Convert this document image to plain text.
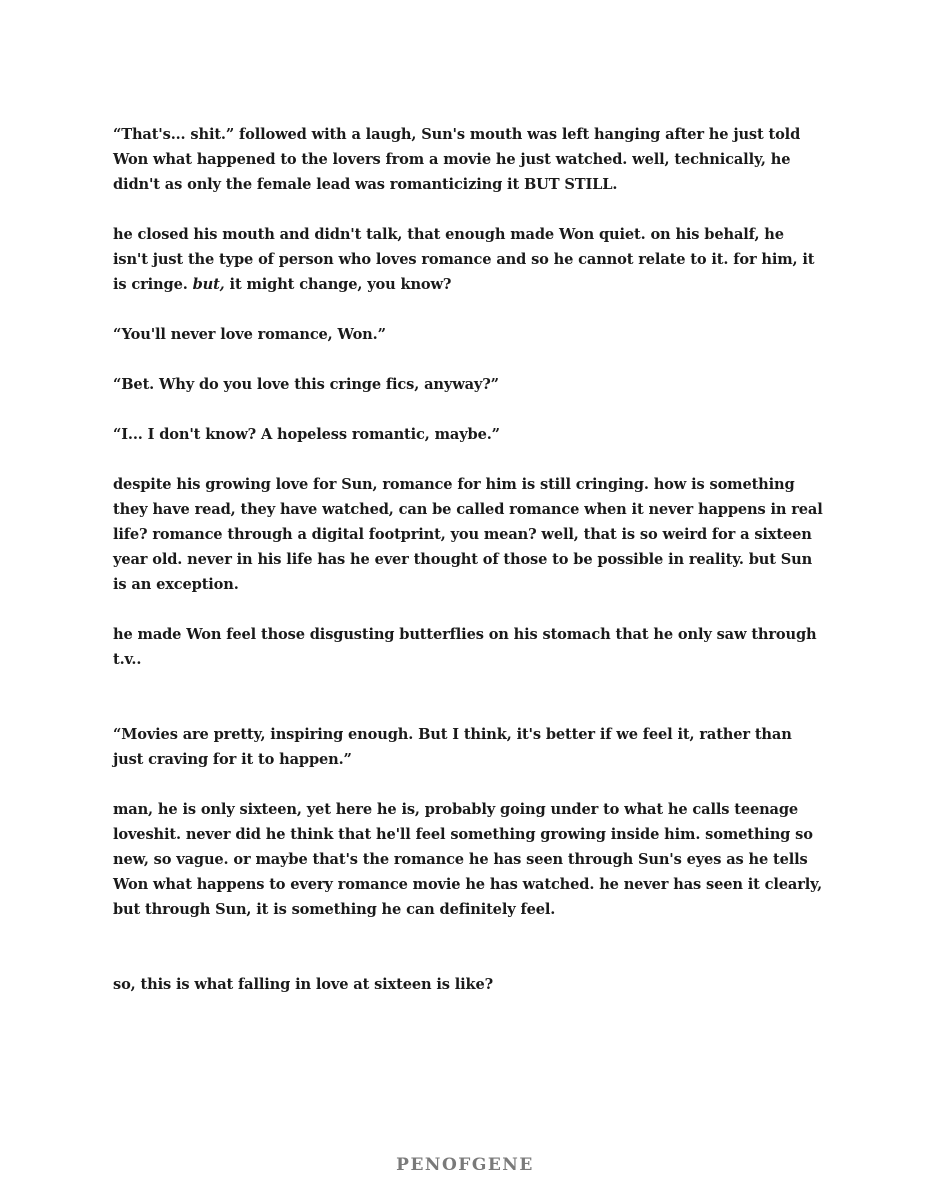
“That's... shit.” followed with a laugh, Sun's mouth was left hanging after he just told Won what happened to the lovers from a movie he just watched. well, technically, he didn't as only the female lead was romanticizing it BUT STILL.

he closed his mouth and didn't talk, that enough made Won quiet. on his behalf, he isn't just the type of person who loves romance and so he cannot relate to it. for him, it is cringe. but, it might change, you know?

“You'll never love romance, Won.”

“Bet. Why do you love this cringe fics, anyway?”

“I... I don't know? A hopeless romantic, maybe.”

despite his growing love for Sun, romance for him is still cringing. how is something they have read, they have watched, can be called romance when it never happens in real life? romance through a digital footprint, you mean? well, that is so weird for a sixteen year old. never in his life has he ever thought of those to be possible in reality. but Sun is an exception.

he made Won feel those disgusting butterflies on his stomach that he only saw through t.v..

“Movies are pretty, inspiring enough. But I think, it's better if we feel it, rather than just craving for it to happen.”

man, he is only sixteen, yet here he is, probably going under to what he calls teenage loveshit. never did he think that he'll feel something growing inside him. something so new, so vague. or maybe that's the romance he has seen through Sun's eyes as he tells Won what happens to every romance movie he has watched. he never has seen it clearly, but through Sun, it is something he can definitely feel.

so, this is what falling in love at sixteen is like?

PENOFGENE
